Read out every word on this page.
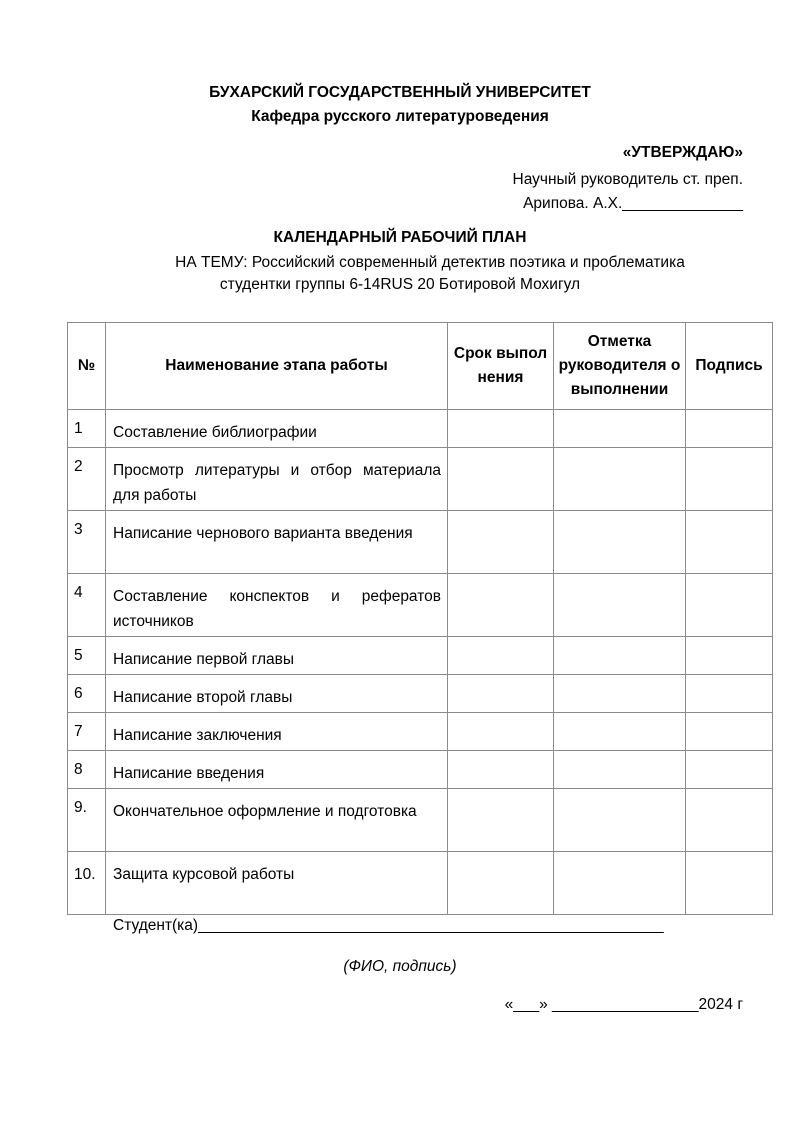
БУХАРСКИЙ ГОСУДАРСТВЕННЫЙ УНИВЕРСИТЕТ
Кафедра русского литературоведения
«УТВЕРЖДАЮ»
Научный руководитель ст. преп.
Арипова. А.Х.______________
КАЛЕНДАРНЫЙ РАБОЧИЙ ПЛАН
НА ТЕМУ: Российский современный детектив поэтика и проблематика
студентки группы 6-14RUS 20 Ботировой Мохигул
№	Наименование этапа работы	Срок выполнения	Отметка руководителя о выполнении	Подпись
1	Составление библиографии			
2	Просмотр литературы и отбор материала для работы			
3	Написание чернового варианта введения			
4	Составление конспектов и рефератов источников			
5	Написание первой главы			
6	Написание второй главы			
7	Написание заключения			
8	Написание введения			
9.	Окончательное оформление и подготовка			
10.	Защита курсовой работы			
Студент(ка)______________________________________________________
(ФИО, подпись)
«___» _________________2024 г
